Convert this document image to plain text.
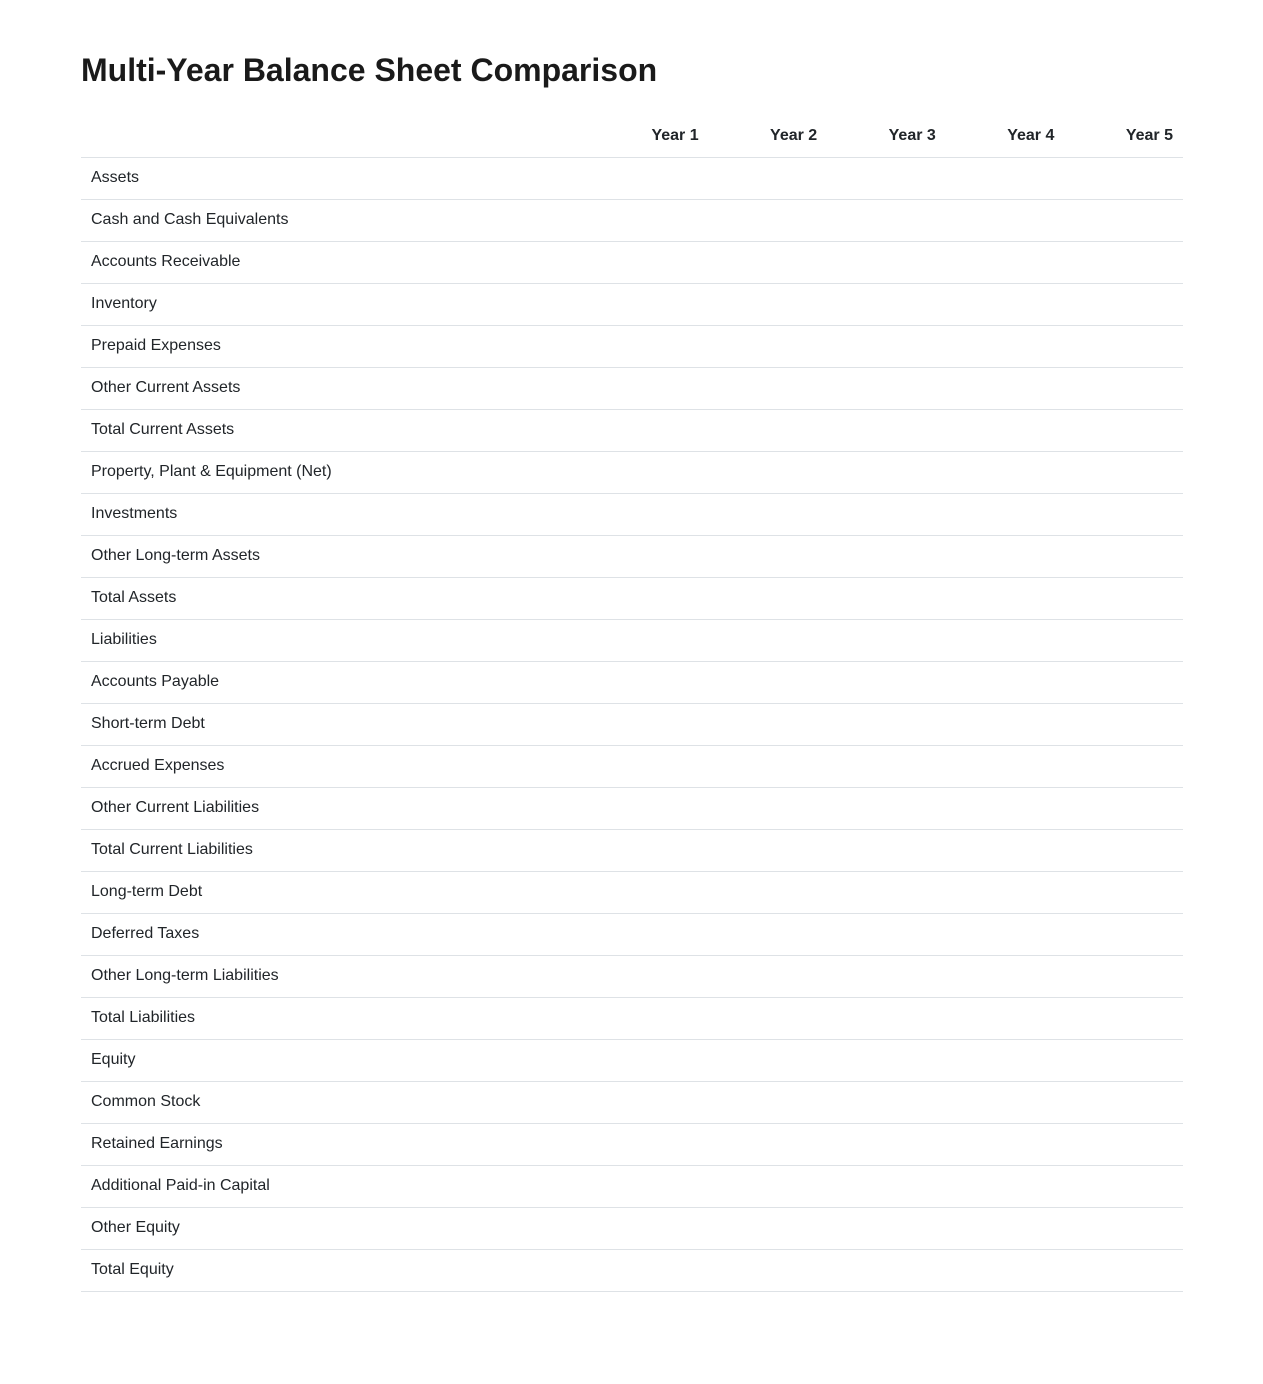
Multi-Year Balance Sheet Comparison
	Year 1	Year 2	Year 3	Year 4	Year 5
Assets					
Cash and Cash Equivalents					
Accounts Receivable					
Inventory					
Prepaid Expenses					
Other Current Assets					
Total Current Assets					
Property, Plant & Equipment (Net)					
Investments					
Other Long-term Assets					
Total Assets					
Liabilities					
Accounts Payable					
Short-term Debt					
Accrued Expenses					
Other Current Liabilities					
Total Current Liabilities					
Long-term Debt					
Deferred Taxes					
Other Long-term Liabilities					
Total Liabilities					
Equity					
Common Stock					
Retained Earnings					
Additional Paid-in Capital					
Other Equity					
Total Equity					
